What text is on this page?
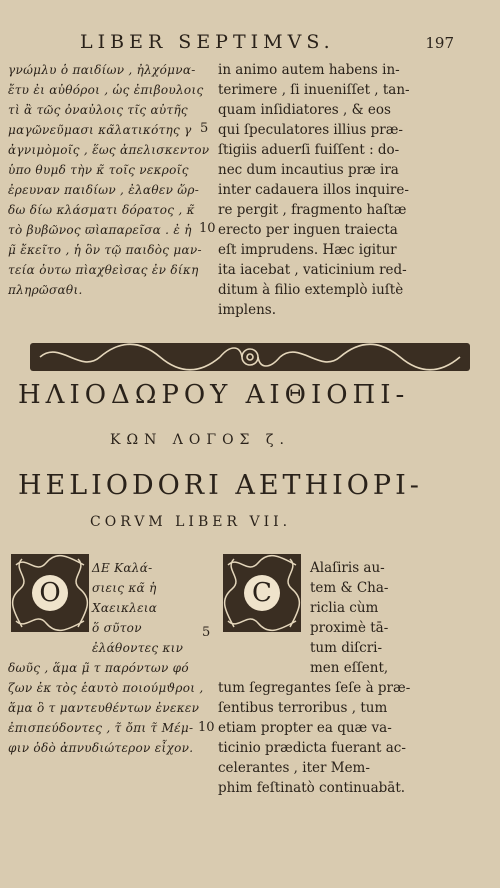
LIBER SEPTIMVS.	197
γνώμλυ ὁ παιδίων , ἠλχόμνα-
ἔτυ ἐι αὐθόροι , ὡς ἐπιβουλοις
τὶ ἂ τῶς ὀναὐλοις τῖς αὐτῆς
μαγῶνεῦμασι κα̃λατικότης γ
ἀγνιμὸμοῖς , ἕως ἀπελισκεντον
ὑπο θυμδ τὴν κ̃ τοῖς νεκροῖς
ἐρευναν παιδίων , ἐλαθεν ὥρ-
δω δίω κλάσματι δόρατος , κ̃
τὸ βυβῶνος ϖὶαπαρεῖσα . ἐ ἡ
μ̃ ἔκεῖτο , ἡ ὃν τῷ παιδὸς μαν-
τεία ὀυτω πὶαχθεὶσας ἐν δίκη
πληρῶσαθι.
in animo autem habens in-
terimere , ſi inueniſſet , tan-
quam inſidiatores , & eos
qui ſpeculatores illius præ-
ſtigiis aduerſi fuiſſent : do-
nec dum incautius præ ira
inter cadauera illos inquire-
re pergit , fragmento haſtæ
erecto per inguen traiecta
eſt imprudens. Hæc igitur
ita iacebat , vaticinium red-
ditum à filio extemplò iuſtè
implens.
5
10
ΗΛΙΟΔΩΡΟΥ ΑΙΘΙΟΠΙ-
ΚΩΝ ΛΟΓΟΣ ζ.
HELIODORI AETHIOPI-
CORVM LIBER VII.
Ο	C
ΔΕ Καλά-
σιεις κα̃ ἡ
Χαεικλεια
ὅ σῦτον
ἐλάθοντες κιν
δωῦς , ἅμα μ̃ τ παρόντων φό
ζων ἐκ τὸς ἑαυτὸ ποιούμϑροι ,
ἅμα ὃ τ μαντευθέντων ἐνεκεν
ἐπισπεύδοντες , τ̃ ὄπι τ̃ Μέμ-
φιν ὁδὸ ἀπνυδιώτερον εἶχον.
Alaſiris au-
tem & Cha-
riclia cùm
proximè tā-
tum diſcri-
men eſſent,
tum ſegregantes ſeſe à præ-
ſentibus terroribus , tum
etiam propter ea quæ va-
ticinio prædicta fuerant ac-
celerantes , iter Mem-
phim feſtinatò continuabāt.
5
10
